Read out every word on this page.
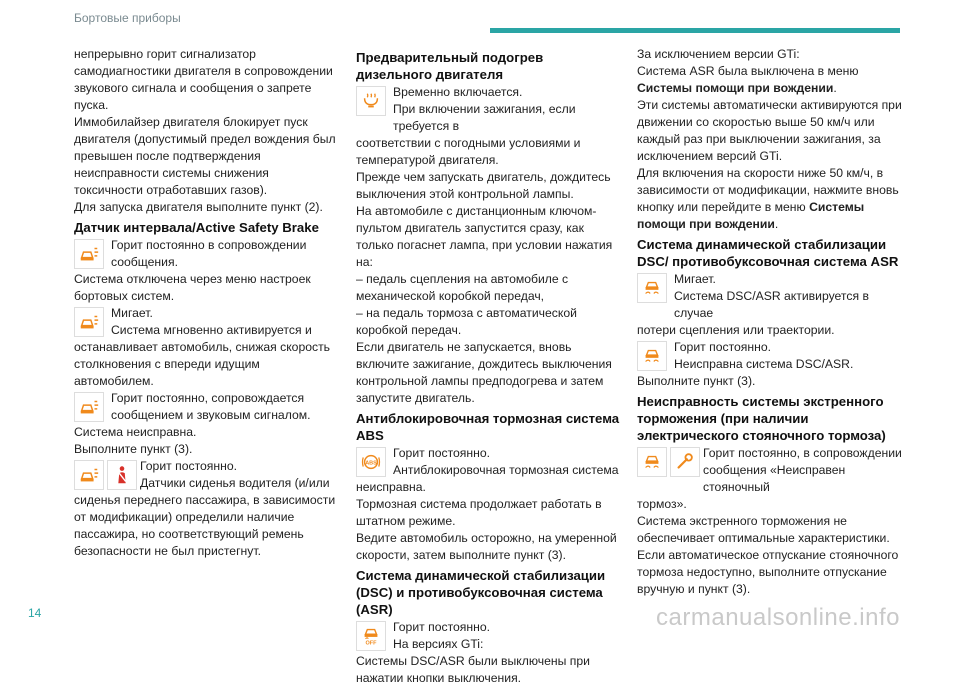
Бортовые приборы

непрерывно горит сигнализатор самодиагностики двигателя в сопровождении звукового сигнала и сообщения о запрете пуска.

Иммобилайзер двигателя блокирует пуск двигателя (допустимый предел вождения был превышен после подтверждения неисправности системы снижения токсичности отработавших газов).

Для запуска двигателя выполните пункт (2).

Датчик интервала/Active Safety Brake
Горит постоянно в сопровождении сообщения.

Система отключена через меню настроек бортовых систем.

Мигает.
Система мгновенно активируется и

останавливает автомобиль, снижая скорость столкновения с впереди идущим автомобилем.

Горит постоянно, сопровождается сообщением и звуковым сигналом.

Система неисправна.

Выполните пункт (3).

Горит постоянно.
Датчики сиденья водителя (и/или

сиденья переднего пассажира, в зависимости от модификации) определили наличие пассажира, но соответствующий ремень безопасности не был пристегнут.

Предварительный подогрев дизельного двигателя
Временно включается.
При включении зажигания, если требуется в

соответствии с погодными условиями и температурой двигателя.

Прежде чем запускать двигатель, дождитесь выключения этой контрольной лампы.

На автомобиле с дистанционным ключом-пультом двигатель запустится сразу, как только погаснет лампа, при условии нажатия на:

– педаль сцепления на автомобиле с механической коробкой передач,

– на педаль тормоза с автоматической коробкой передач.

Если двигатель не запускается, вновь включите зажигание, дождитесь выключения контрольной лампы предподогрева и затем запустите двигатель.

Антиблокировочная тормозная система ABS
ABS
Горит постоянно.
Антиблокировочная тормозная система

неисправна.

Тормозная система продолжает работать в штатном режиме.

Ведите автомобиль осторожно, на умеренной скорости, затем выполните пункт (3).

Система динамической стабилизации (DSC) и противобуксовочная система (ASR)
OFF
Горит постоянно.
На версиях GTi:

Системы DSC/ASR были выключены при нажатии кнопки выключения.

За исключением версии GTi:

Система ASR была выключена в меню Системы помощи при вождении.

Эти системы автоматически активируются при движении со скоростью выше 50 км/ч или каждый раз при выключении зажигания, за исключением версий GTi.

Для включения на скорости ниже 50 км/ч, в зависимости от модификации, нажмите вновь кнопку или перейдите в меню Системы помощи при вождении.

Система динамической стабилизации DSC/ противобуксовочная система ASR
Мигает.
Система DSC/ASR активируется в случае

потери сцепления или траектории.

Горит постоянно.
Неисправна система DSC/ASR.

Выполните пункт (3).

Неисправность системы экстренного торможения (при наличии электрического стояночного тормоза)
Горит постоянно, в сопровождении сообщения «Неисправен стояночный

тормоз».

Система экстренного торможения не обеспечивает оптимальные характеристики.

Если автоматическое отпускание стояночного тормоза недоступно, выполните отпускание вручную и пункт (3).

14	carmanualsonline.info
